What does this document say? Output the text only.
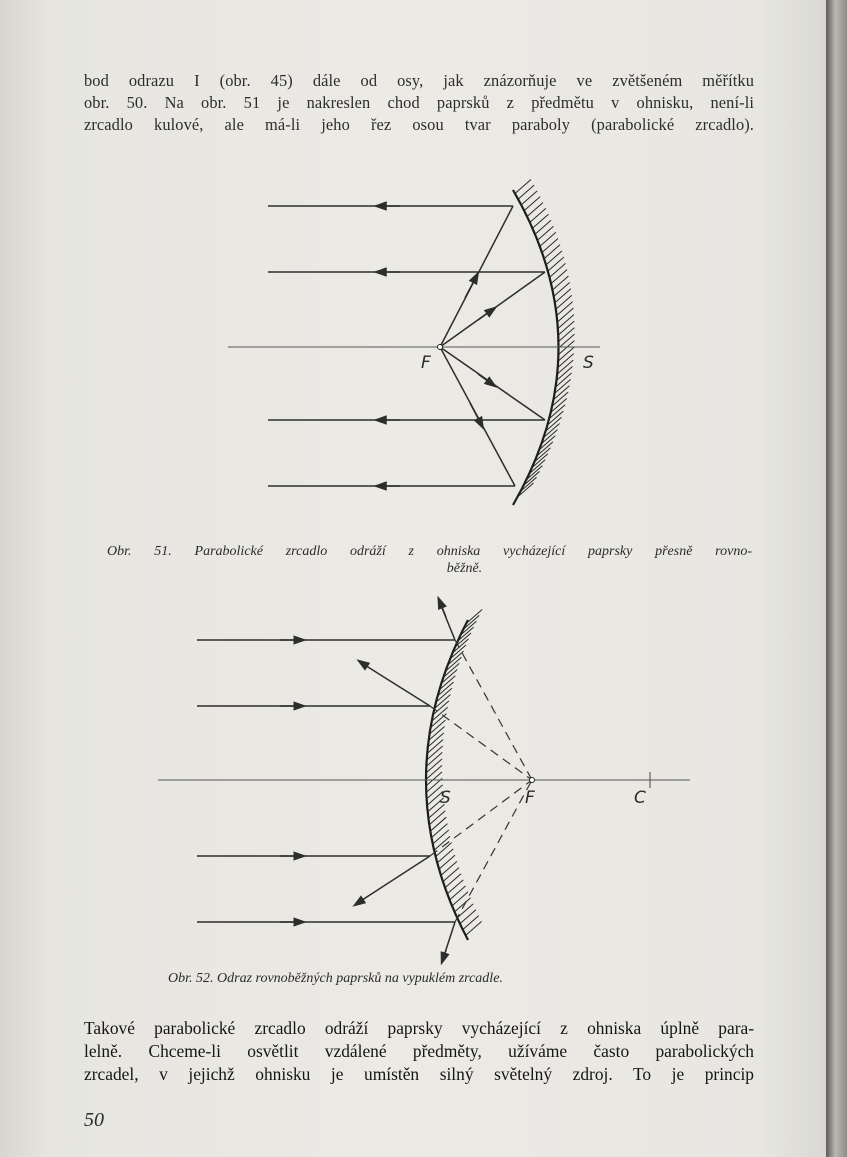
bod odrazu I (obr. 45) dále od osy, jak znázorňuje ve zvětšeném měřítku
obr. 50. Na obr. 51 je nakreslen chod paprsků z předmětu v ohnisku, není-li
zrcadlo kulové, ale má-li jeho řez osou tvar paraboly (parabolické zrcadlo).

F	S
Obr. 51. Parabolické zrcadlo odráží z ohniska vycházející paprsky přesně rovno-
běžně.
S	F	C
Obr. 52. Odraz rovnoběžných paprsků na vypuklém zrcadle.
Takové parabolické zrcadlo odráží paprsky vycházející z ohniska úplně para-
lelně. Chceme-li osvětlit vzdálené předměty, užíváme často parabolických
zrcadel, v jejichž ohnisku je umístěn silný světelný zdroj. To je princip
50
